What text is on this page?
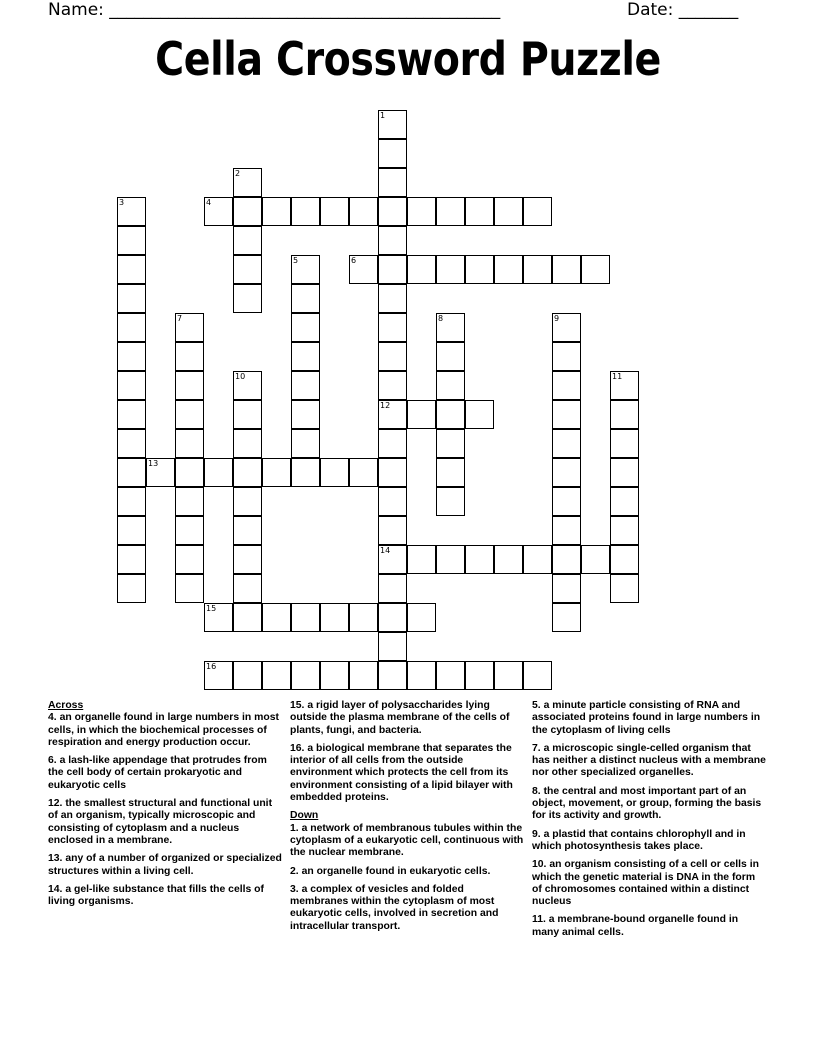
Name: ______________________________________________	Date: _______
Cella Crossword Puzzle
1
12
14
2
3	4
5	6
7	8	9
10	11
13
15
16
Across
4. an organelle found in large numbers in most cells, in which the biochemical processes of respiration and energy production occur.
6. a lash-like appendage that protrudes from the cell body of certain prokaryotic and eukaryotic cells
12. the smallest structural and functional unit of an organism, typically microscopic and consisting of cytoplasm and a nucleus enclosed in a membrane.
13. any of a number of organized or specialized structures within a living cell.
14. a gel-like substance that fills the cells of living organisms.
15. a rigid layer of polysaccharides lying outside the plasma membrane of the cells of plants, fungi, and bacteria.
16. a biological membrane that separates the interior of all cells from the outside environment which protects the cell from its environment consisting of a lipid bilayer with embedded proteins.
Down
1. a network of membranous tubules within the cytoplasm of a eukaryotic cell, continuous with the nuclear membrane.
2. an organelle found in eukaryotic cells.
3. a complex of vesicles and folded membranes within the cytoplasm of most eukaryotic cells, involved in secretion and intracellular transport.
5. a minute particle consisting of RNA and associated proteins found in large numbers in the cytoplasm of living cells
7. a microscopic single-celled organism that has neither a distinct nucleus with a membrane nor other specialized organelles.
8. the central and most important part of an object, movement, or group, forming the basis for its activity and growth.
9. a plastid that contains chlorophyll and in which photosynthesis takes place.
10. an organism consisting of a cell or cells in which the genetic material is DNA in the form of chromosomes contained within a distinct nucleus
11. a membrane-bound organelle found in many animal cells.
